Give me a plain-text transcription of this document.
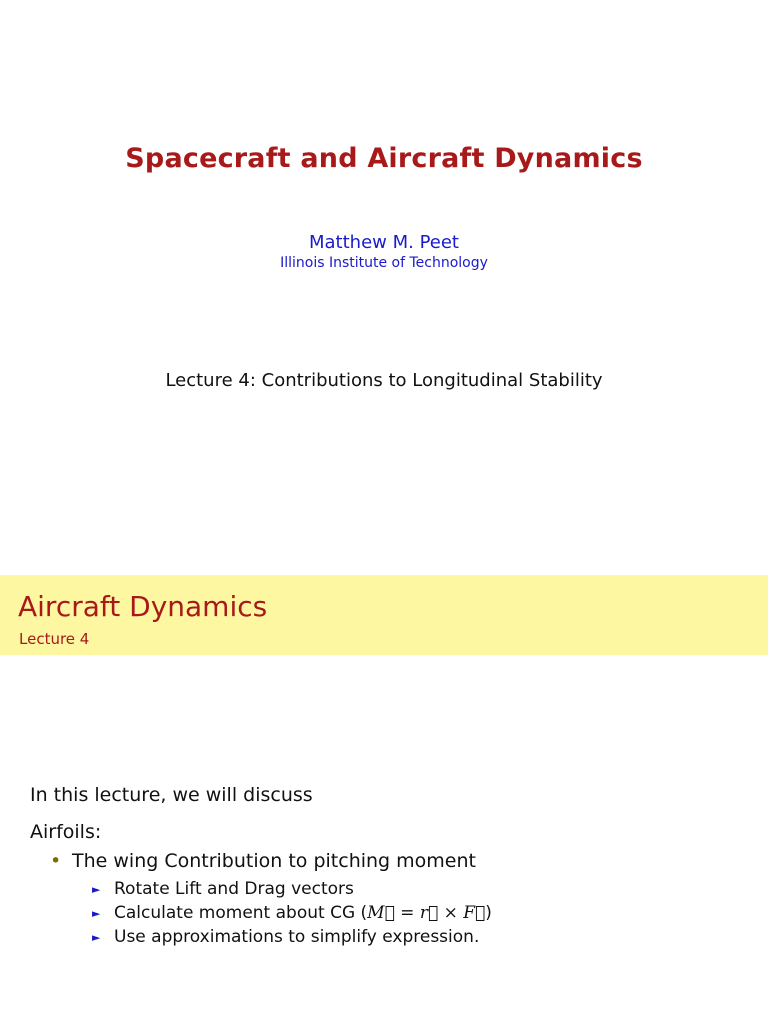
Spacecraft and Aircraft Dynamics
Matthew M. Peet
Illinois Institute of Technology
Lecture 4: Contributions to Longitudinal Stability
Aircraft Dynamics
Lecture 4
In this lecture, we will discuss
Airfoils:
• The wing Contribution to pitching moment
► Rotate Lift and Drag vectors
► Calculate moment about CG (M⃗ = r⃗ × F⃗)
► Use approximations to simplify expression.
